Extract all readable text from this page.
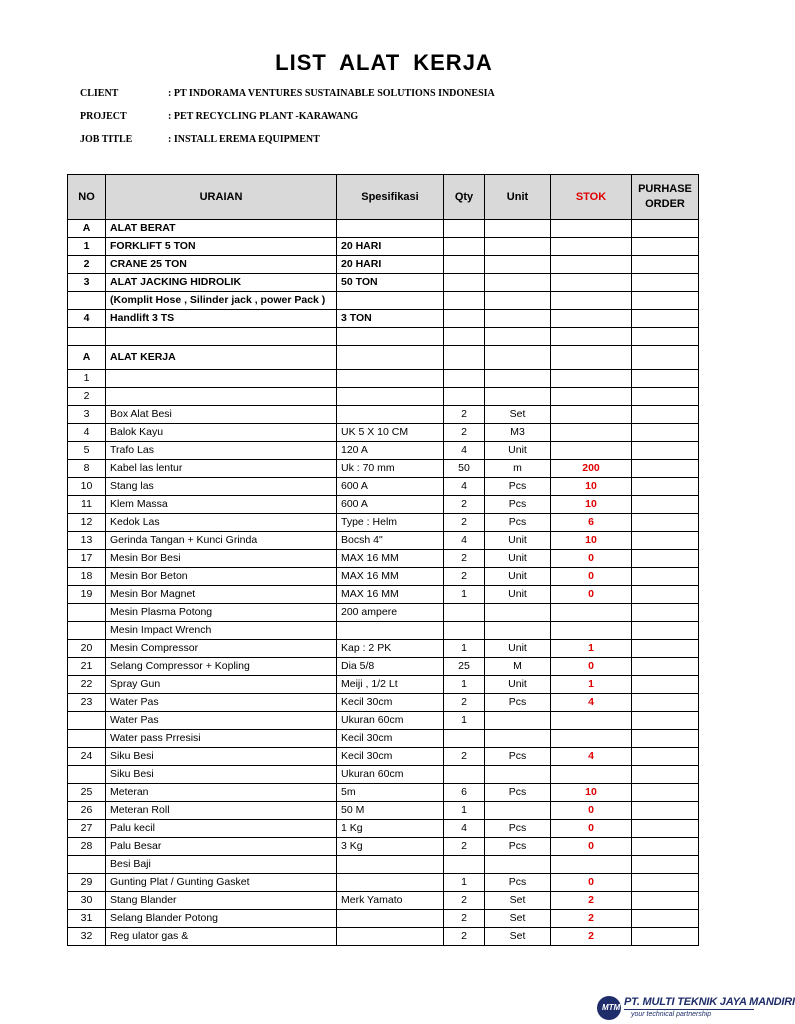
LIST ALAT KERJA
CLIENT	: PT INDORAMA VENTURES SUSTAINABLE SOLUTIONS INDONESIA
PROJECT	: PET RECYCLING PLANT -KARAWANG
JOB TITLE	: INSTALL EREMA EQUIPMENT
NO	URAIAN	Spesifikasi	Qty	Unit	STOK	PURHASE ORDER
A	ALAT BERAT					
1	FORKLIFT 5 TON	20 HARI				
2	CRANE 25 TON	20 HARI				
3	ALAT JACKING HIDROLIK	50 TON				
	(Komplit Hose , Silinder jack , power Pack )					
4	Handlift 3 TS	3 TON				

A	ALAT KERJA					
1						
2						
3	Box Alat Besi		2	Set		
4	Balok Kayu	UK 5 X 10 CM	2	M3		
5	Trafo Las	120 A	4	Unit		
8	Kabel las lentur	Uk : 70 mm	50	m	200	
10	Stang las	600 A	4	Pcs	10	
11	Klem Massa	600 A	2	Pcs	10	
12	Kedok Las	Type : Helm	2	Pcs	6	
13	Gerinda Tangan + Kunci Grinda	Bocsh 4"	4	Unit	10	
17	Mesin Bor Besi	MAX 16 MM	2	Unit	0	
18	Mesin Bor Beton	MAX 16 MM	2	Unit	0	
19	Mesin Bor Magnet	MAX 16 MM	1	Unit	0	
	Mesin Plasma Potong	200 ampere				
	Mesin Impact Wrench					
20	Mesin Compressor	Kap : 2 PK	1	Unit	1	
21	Selang Compressor + Kopling	Dia 5/8	25	M	0	
22	Spray Gun	Meiji , 1/2 Lt	1	Unit	1	
23	Water Pas	Kecil 30cm	2	Pcs	4	
	Water Pas	Ukuran 60cm	1			
	Water pass Prresisi	Kecil 30cm				
24	Siku Besi	Kecil 30cm	2	Pcs	4	
	Siku Besi	Ukuran 60cm				
25	Meteran	5m	6	Pcs	10	
26	Meteran Roll	50 M	1		0	
27	Palu kecil	1 Kg	4	Pcs	0	
28	Palu Besar	3 Kg	2	Pcs	0	
	Besi Baji					
29	Gunting Plat / Gunting Gasket		1	Pcs	0	
30	Stang Blander	Merk Yamato	2	Set	2	
31	Selang Blander Potong		2	Set	2	
32	Reg ulator gas &		2	Set	2	
MTM PT. MULTI TEKNIK JAYA MANDIRI
your technical partnership
